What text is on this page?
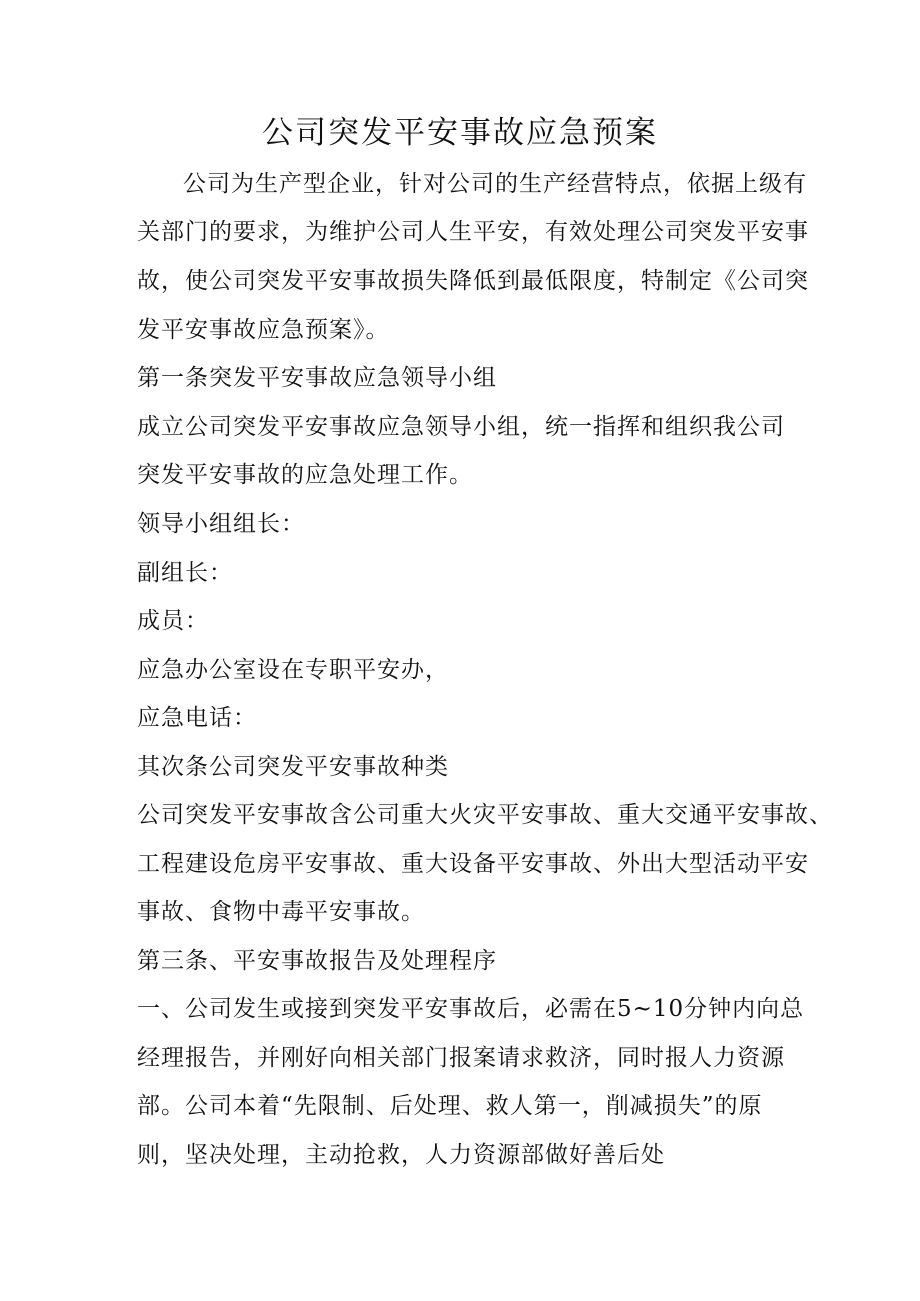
公司突发平安事故应急预案
公司为生产型企业，针对公司的生产经营特点，依据上级有
关部门的要求，为维护公司人生平安，有效处理公司突发平安事
故，使公司突发平安事故损失降低到最低限度，特制定《公司突
发平安事故应急预案》。
第一条突发平安事故应急领导小组
成立公司突发平安事故应急领导小组，统一指挥和组织我公司
突发平安事故的应急处理工作。
领导小组组长：
副组长：
成员：
应急办公室设在专职平安办，
应急电话：
其次条公司突发平安事故种类
公司突发平安事故含公司重大火灾平安事故、重大交通平安事故、
工程建设危房平安事故、重大设备平安事故、外出大型活动平安
事故、食物中毒平安事故。
第三条、平安事故报告及处理程序
一、公司发生或接到突发平安事故后，必需在5~10分钟内向总
经理报告，并刚好向相关部门报案请求救济，同时报人力资源
部。公司本着“先限制、后处理、救人第一，削减损失”的原
则，坚决处理，主动抢救，人力资源部做好善后处
